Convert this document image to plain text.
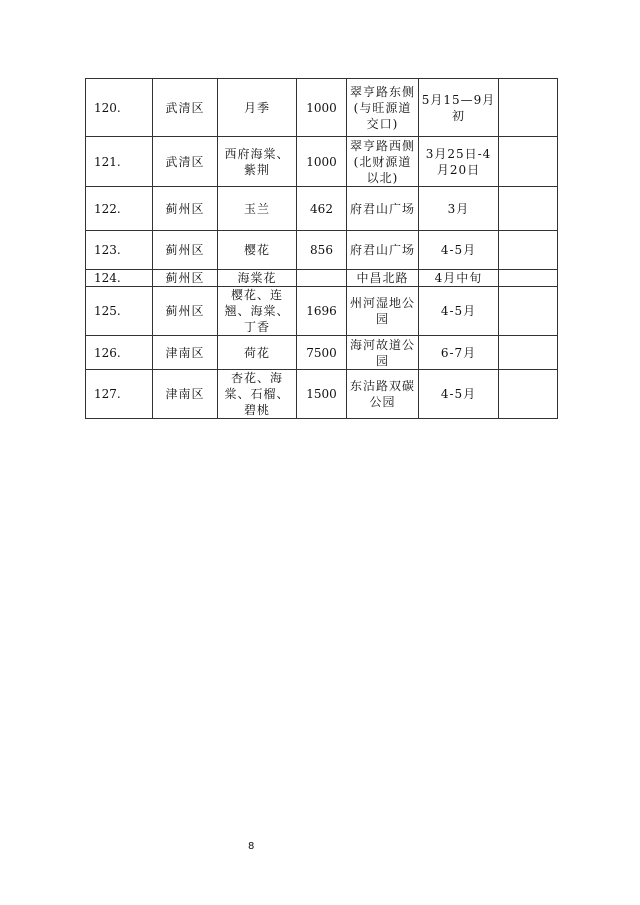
120.	武清区	月季	1000	翠亨路东侧(与旺源道交口)	5月15—9月初	
121.	武清区	西府海棠、紫荆	1000	翠亨路西侧(北财源道以北)	3月25日-4月20日	
122.	蓟州区	玉兰	462	府君山广场	3月	
123.	蓟州区	樱花	856	府君山广场	4-5月	
124.	蓟州区	海棠花		中昌北路	4月中旬	
125.	蓟州区	樱花、连翘、海棠、丁香	1696	州河湿地公园	4-5月	
126.	津南区	荷花	7500	海河故道公园	6-7月	
127.	津南区	杏花、海棠、石榴、碧桃	1500	东沽路双碳公园	4-5月	
8
